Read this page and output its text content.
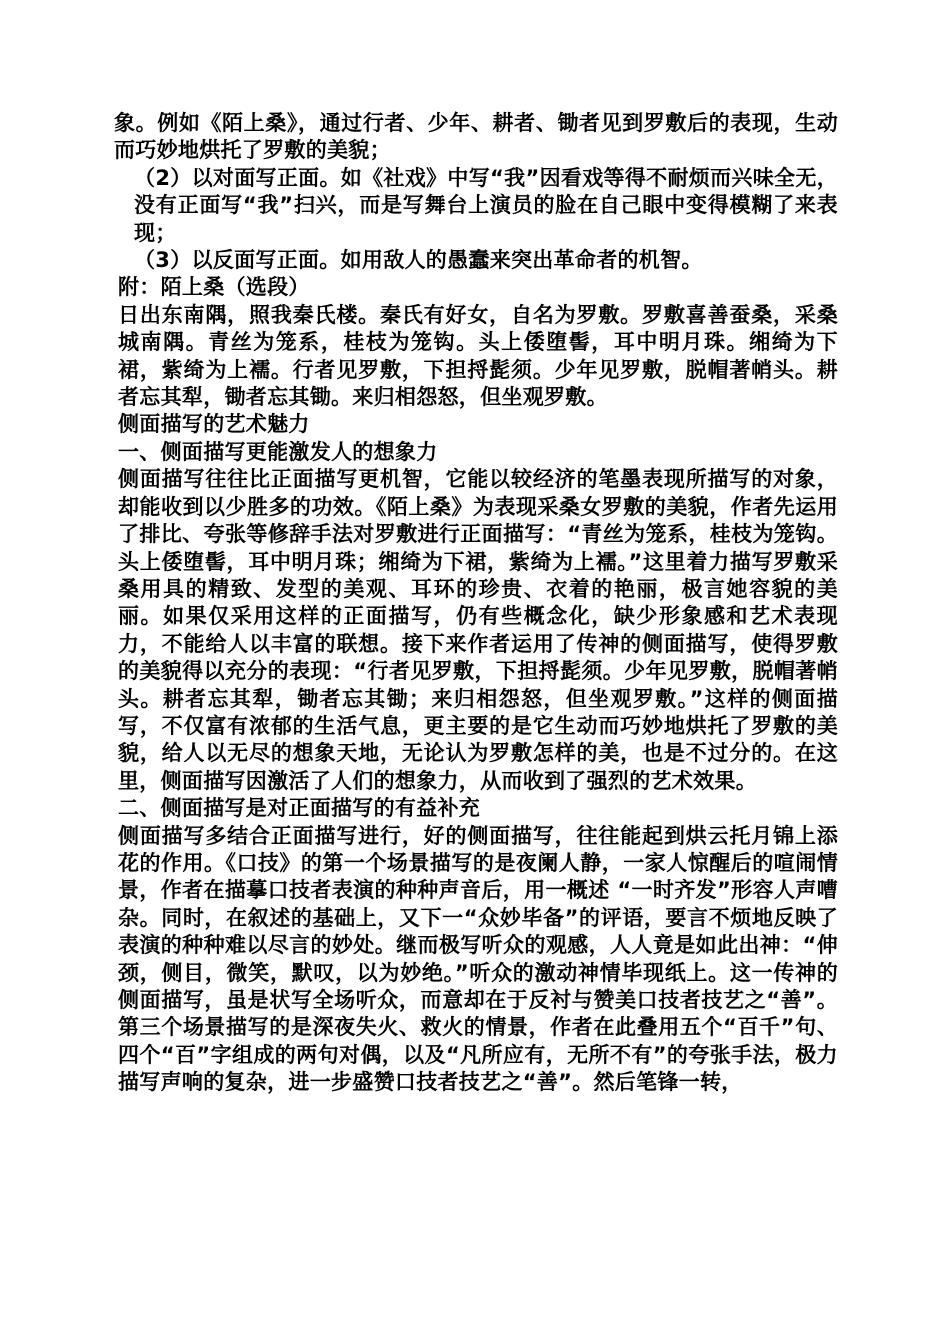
象。例如《陌上桑》，通过行者、少年、耕者、锄者见到罗敷后的表现，生动而巧妙地烘托了罗敷的美貌；

（2）以对面写正面。如《社戏》中写“我”因看戏等得不耐烦而兴味全无，没有正面写“我”扫兴，而是写舞台上演员的脸在自己眼中变得模糊了来表现；

（3）以反面写正面。如用敌人的愚蠢来突出革命者的机智。

附：陌上桑（选段）

日出东南隅，照我秦氏楼。秦氏有好女，自名为罗敷。罗敷喜善蚕桑，采桑城南隅。青丝为笼系，桂枝为笼钩。头上倭堕髻，耳中明月珠。缃绮为下裙，紫绮为上襦。行者见罗敷，下担捋髭须。少年见罗敷，脱帽著帩头。耕者忘其犁，锄者忘其锄。来归相怨怒，但坐观罗敷。

侧面描写的艺术魅力

一、侧面描写更能激发人的想象力

侧面描写往往比正面描写更机智，它能以较经济的笔墨表现所描写的对象，却能收到以少胜多的功效。《陌上桑》为表现采桑女罗敷的美貌，作者先运用了排比、夸张等修辞手法对罗敷进行正面描写：“青丝为笼系，桂枝为笼钩。头上倭堕髻，耳中明月珠；缃绮为下裙，紫绮为上襦。”这里着力描写罗敷采桑用具的精致、发型的美观、耳环的珍贵、衣着的艳丽，极言她容貌的美丽。如果仅采用这样的正面描写，仍有些概念化，缺少形象感和艺术表现力，不能给人以丰富的联想。接下来作者运用了传神的侧面描写，使得罗敷的美貌得以充分的表现：“行者见罗敷，下担捋髭须。少年见罗敷，脱帽著帩头。耕者忘其犁，锄者忘其锄；来归相怨怒，但坐观罗敷。”这样的侧面描写，不仅富有浓郁的生活气息，更主要的是它生动而巧妙地烘托了罗敷的美貌，给人以无尽的想象天地，无论认为罗敷怎样的美，也是不过分的。在这里，侧面描写因激活了人们的想象力，从而收到了强烈的艺术效果。

二、侧面描写是对正面描写的有益补充

侧面描写多结合正面描写进行，好的侧面描写，往往能起到烘云托月锦上添花的作用。《口技》的第一个场景描写的是夜阑人静，一家人惊醒后的喧闹情景，作者在描摹口技者表演的种种声音后，用一概述 “一时齐发”形容人声嘈杂。同时，在叙述的基础上，又下一“众妙毕备”的评语，要言不烦地反映了表演的种种难以尽言的妙处。继而极写听众的观感，人人竟是如此出神：“伸颈，侧目，微笑，默叹，以为妙绝。”听众的激动神情毕现纸上。这一传神的侧面描写，虽是状写全场听众，而意却在于反衬与赞美口技者技艺之“善”。第三个场景描写的是深夜失火、救火的情景，作者在此叠用五个“百千”句、四个“百”字组成的两句对偶，以及“凡所应有，无所不有”的夸张手法，极力描写声响的复杂，进一步盛赞口技者技艺之“善”。然后笔锋一转，
